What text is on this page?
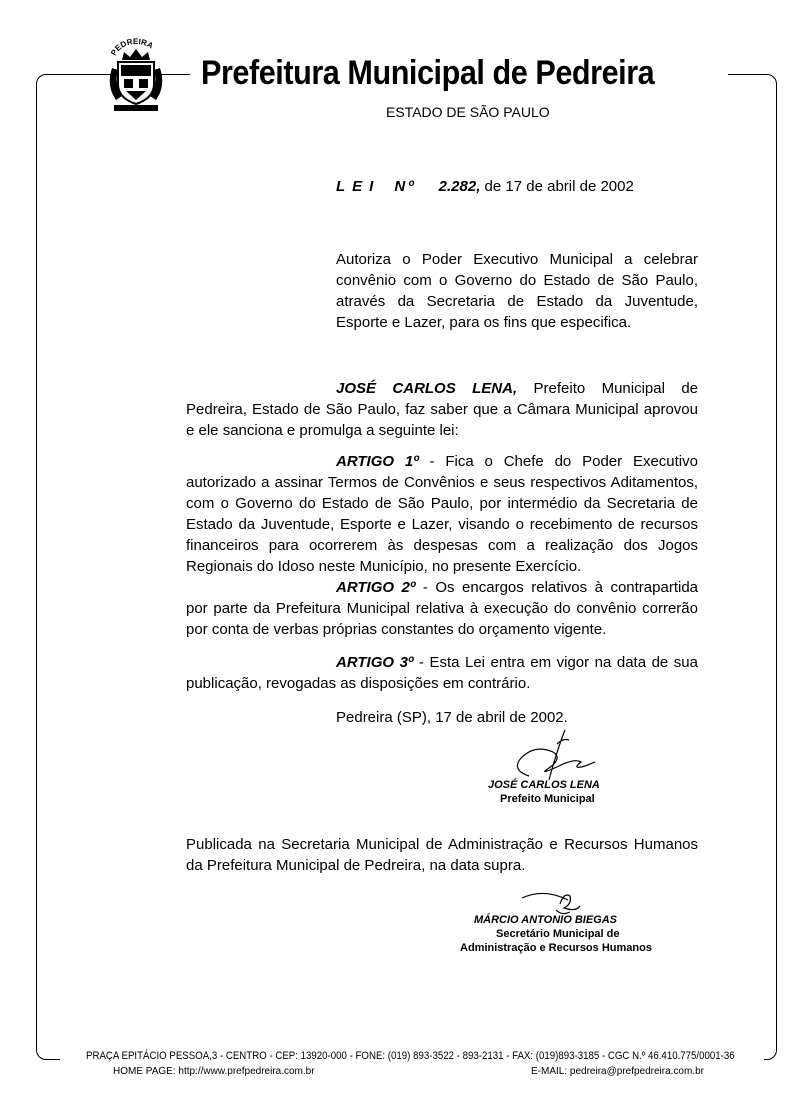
PEDREIRA
Prefeitura Municipal de Pedreira
ESTADO DE SÃO PAULO
LEI Nº 2.282, de 17 de abril de 2002

Autoriza o Poder Executivo Municipal a celebrar convênio com o Governo do Estado de São Paulo, através da Secretaria de Estado da Juventude, Esporte e Lazer, para os fins que especifica.

JOSÉ CARLOS LENA, Prefeito Municipal de Pedreira, Estado de São Paulo, faz saber que a Câmara Municipal aprovou e ele sanciona e promulga a seguinte lei:

ARTIGO 1º - Fica o Chefe do Poder Executivo autorizado a assinar Termos de Convênios e seus respectivos Aditamentos, com o Governo do Estado de São Paulo, por intermédio da Secretaria de Estado da Juventude, Esporte e Lazer, visando o recebimento de recursos financeiros para ocorrerem às despesas com a realização dos Jogos Regionais do Idoso neste Município, no presente Exercício.

ARTIGO 2º - Os encargos relativos à contrapartida por parte da Prefeitura Municipal relativa à execução do convênio correrão por conta de verbas próprias constantes do orçamento vigente.

ARTIGO 3º - Esta Lei entra em vigor na data de sua publicação, revogadas as disposições em contrário.

Pedreira (SP), 17 de abril de 2002.
JOSÉ CARLOS LENA
Prefeito Municipal

Publicada na Secretaria Municipal de Administração e Recursos Humanos da Prefeitura Municipal de Pedreira, na data supra.

MÁRCIO ANTONIO BIEGAS
Secretário Municipal de
Administração e Recursos Humanos
PRAÇA EPITÁCIO PESSOA,3 - CENTRO - CEP: 13920-000 - FONE: (019) 893-3522 - 893-2131 - FAX: (019)893-3185 - CGC N.º 46.410.775/0001-36
HOME PAGE: http://www.prefpedreira.com.br	E-MAIL: pedreira@prefpedreira.com.br
